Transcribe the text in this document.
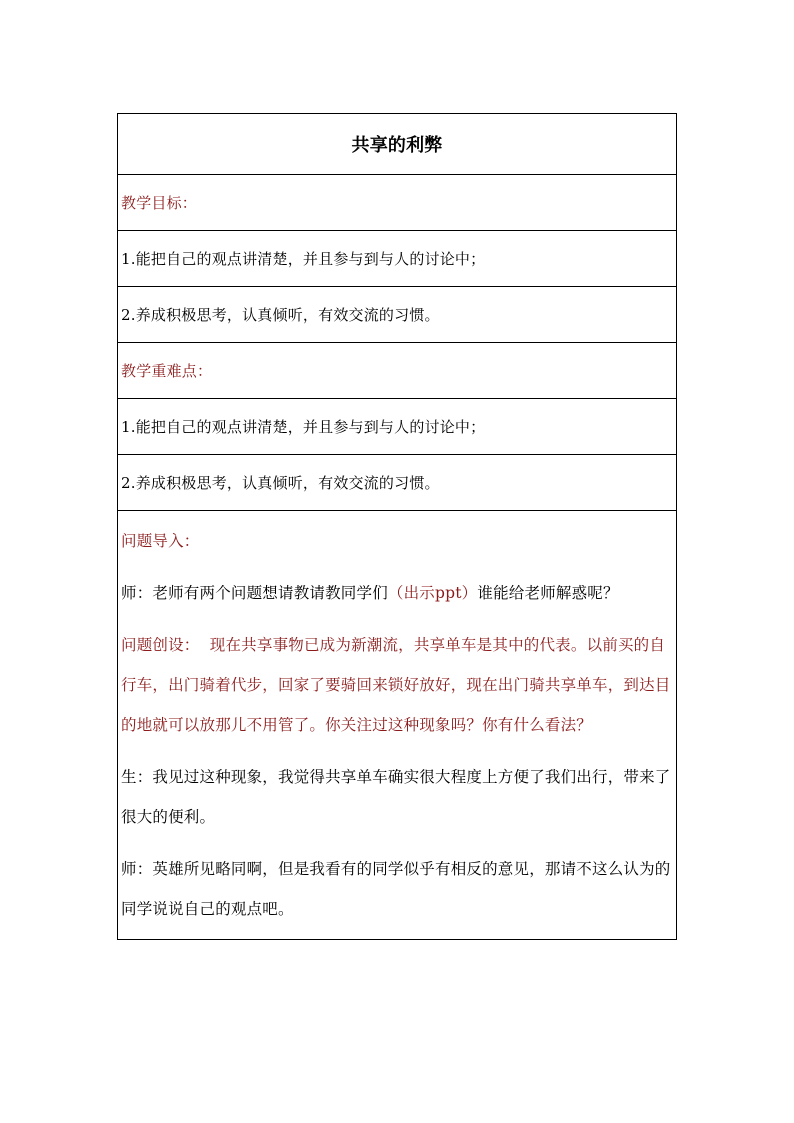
共享的利弊
教学目标：
1.能把自己的观点讲清楚，并且参与到与人的讨论中；
2.养成积极思考，认真倾听，有效交流的习惯。
教学重难点：
1.能把自己的观点讲清楚，并且参与到与人的讨论中；
2.养成积极思考，认真倾听，有效交流的习惯。

问题导入：

师：老师有两个问题想请教请教同学们（出示ppt）谁能给老师解惑呢？

问题创设：  现在共享事物已成为新潮流，共享单车是其中的代表。以前买的自行车，出门骑着代步，回家了要骑回来锁好放好，现在出门骑共享单车，到达目的地就可以放那儿不用管了。你关注过这种现象吗？你有什么看法？

生：我见过这种现象，我觉得共享单车确实很大程度上方便了我们出行，带来了很大的便利。

师：英雄所见略同啊，但是我看有的同学似乎有相反的意见，那请不这么认为的同学说说自己的观点吧。
